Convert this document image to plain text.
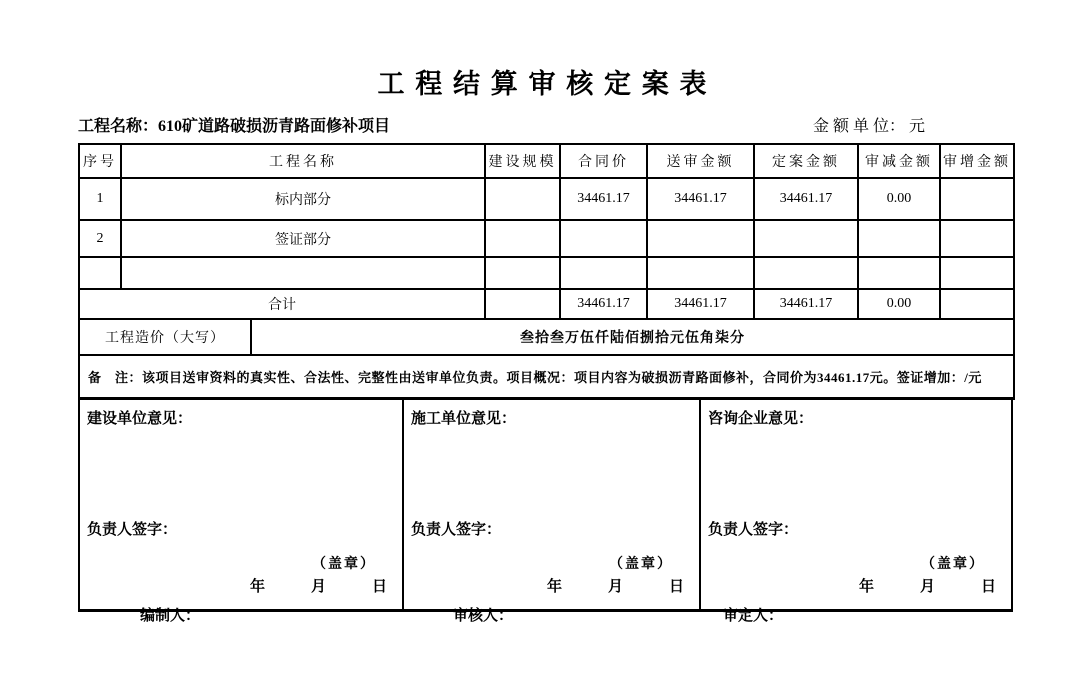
工 程 结 算 审 核 定 案 表
工程名称：610矿道路破损沥青路面修补项目	金 额 单 位： 元
序号	工程名称		建设规模	合同价	送审金额	定案金额	审减金额	审增金额
1	标内部分			34461.17	34461.17	34461.17	0.00	
2	签证部分							

合计				34461.17	34461.17	34461.17	0.00	
工程造价（大写）		叁拾叁万伍仟陆佰捌拾元伍角柒分						
备　注：该项目送审资料的真实性、合法性、完整性由送审单位负责。项目概况：项目内容为破损沥青路面修补，合同价为34461.17元。签证增加：/元								
建设单位意见：
负责人签字：
（盖章）
年	月	日
施工单位意见：
负责人签字：
（盖章）
年	月	日
咨询企业意见：
负责人签字：
（盖章）
年	月	日
编制人：	审核人：	审定人：
